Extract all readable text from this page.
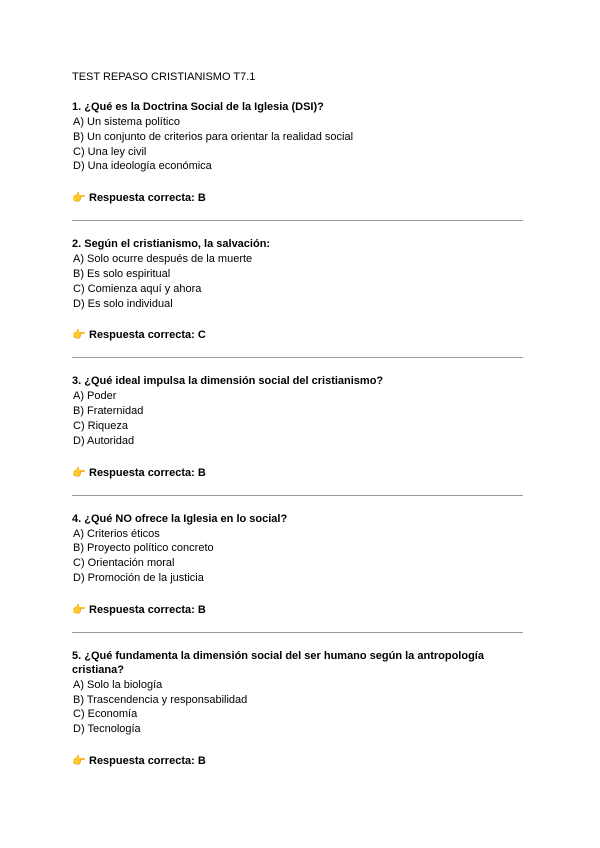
TEST REPASO CRISTIANISMO T7.1
1. ¿Qué es la Doctrina Social de la Iglesia (DSI)?
A) Un sistema político
B) Un conjunto de criterios para orientar la realidad social
C) Una ley civil
D) Una ideología económica
👉 Respuesta correcta: B
2. Según el cristianismo, la salvación:
A) Solo ocurre después de la muerte
B) Es solo espiritual
C) Comienza aquí y ahora
D) Es solo individual
👉 Respuesta correcta: C
3. ¿Qué ideal impulsa la dimensión social del cristianismo?
A) Poder
B) Fraternidad
C) Riqueza
D) Autoridad
👉 Respuesta correcta: B
4. ¿Qué NO ofrece la Iglesia en lo social?
A) Criterios éticos
B) Proyecto político concreto
C) Orientación moral
D) Promoción de la justicia
👉 Respuesta correcta: B
5. ¿Qué fundamenta la dimensión social del ser humano según la antropología cristiana?
A) Solo la biología
B) Trascendencia y responsabilidad
C) Economía
D) Tecnología
👉 Respuesta correcta: B
